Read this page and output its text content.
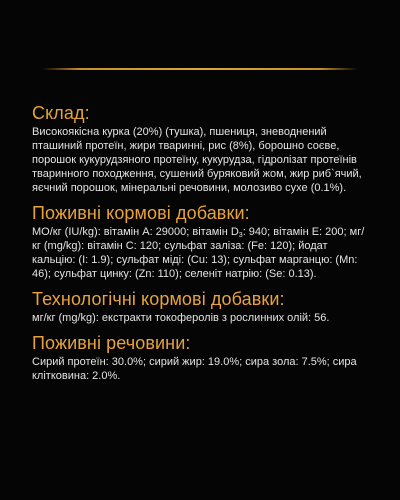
Склад:

Високоякісна курка (20%) (тушка), пшениця, зневоднений пташиний протеїн, жири тваринні, рис (8%), борошно соєве, порошок кукурудзяного протеїну, кукурудза, гідролізат протеїнів тваринного походження, сушений буряковий жом, жир риб`ячий, яєчний порошок, мінеральні речовини, молозиво сухе (0.1%).

Поживні кормові добавки:

МО/кг (IU/kg): вітамін А: 29000; вітамін $D_3$: 940; вітамін Е: 200; мг/кг (mg/kg): вітамін С: 120; сульфат заліза: (Fe: 120); йодат кальцію: (I: 1.9); сульфат міді: (Cu: 13); сульфат марганцю: (Mn: 46); сульфат цинку: (Zn: 110); селеніт натрію: (Se: 0.13).

Технологічні кормові добавки:

мг/кг (mg/kg): екстракти токоферолів з рослинних олій: 56.

Поживні речовини:

Сирий протеїн: 30.0%; сирий жир: 19.0%; сира зола: 7.5%; сира клітковина: 2.0%.
